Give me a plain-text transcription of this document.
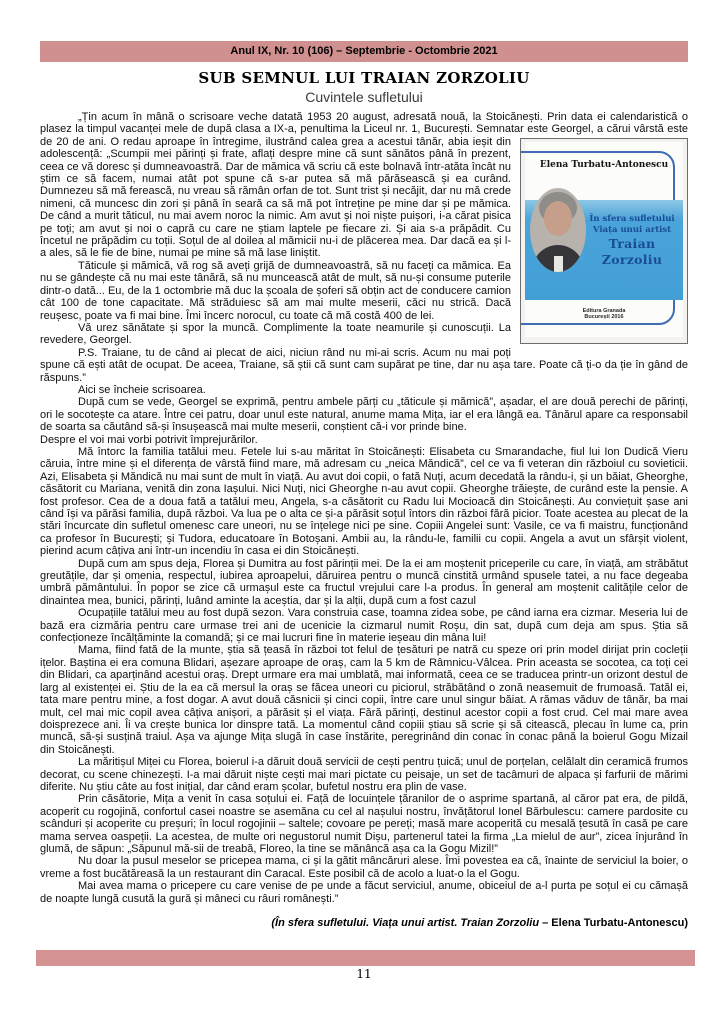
Anul IX, Nr. 10 (106) – Septembrie - Octombrie 2021
SUB SEMNUL LUI TRAIAN ZORZOLIU
Cuvintele sufletului

„Țin acum în mână o scrisoare veche datată 1953 20 august, adresată nouă, la Stoicănești. Prin data ei calendaristică o plasez la timpul vacanței mele de după clasa a IX-a, penultima la Liceul nr. 1, București. Semnatar este Georgel, a cărui vârstă
Elena Turbatu-Antonescu
În sfera sufletului
Viața unui artist
Traian Zorzoliu
Editura Granada
București 2016
este de 20 de ani. O redau aproape în întregime, ilustrând calea grea a acestui tânăr, abia ieșit din adolescență: „Scumpii mei părinți și frate, aflați despre mine că sunt sănătos până în prezent, ceea ce vă doresc și dumneavoastră. Dar de mămica vă scriu că este bolnavă într-atăta încât nu știm ce să facem, numai atât pot spune că s-ar putea să mă părăsească și ea curând. Dumnezeu să mă ferească, nu vreau să rămân orfan de tot. Sunt trist și necăjit, dar nu mă crede nimeni, că muncesc din zori și până în seară ca să mă pot întreține pe mine dar și pe mămica. De când a murit tăticul, nu mai avem noroc la nimic. Am avut și noi niște puișori, i-a cărat pisica pe toți; am avut și noi o capră cu care ne știam laptele pe fiecare zi. Și aia s-a prăpădit. Cu încetul ne prăpădim cu toții. Soțul de al doilea al mămicii nu-i de plăcerea mea. Dar dacă ea și l-a ales, să le fie de bine, numai pe mine să mă lase liniștit.

Tăticule și mămică, vă rog să aveți grijă de dumneavoastră, să nu faceți ca mămica. Ea nu se gândește că nu mai este tânără, să nu muncească atât de mult, să nu-și consume puterile dintr-o dată... Eu, de la 1 octombrie mă duc la școala de șoferi să obțin act de conducere camion cât 100 de tone capacitate. Mă străduiesc să am mai multe meserii, căci nu strică. Dacă reușesc, poate va fi mai bine. Îmi încerc norocul, cu toate că mă costă 400 de lei.

Vă urez sănătate și spor la muncă. Complimente la toate neamurile și cunoscuții. La revedere, Georgel.

P.S. Traiane, tu de când ai plecat de aici, niciun rând nu mi-ai scris. Acum nu mai poți spune că ești atât de ocupat. De aceea, Traiane, să știi că sunt cam supărat pe tine, dar nu așa tare. Poate că ți-o da ție în gând de răspuns.”

Aici se încheie scrisoarea.

După cum se vede, Georgel se exprimă, pentru ambele părți cu „tăticule și mămică”, așadar, el are două perechi de părinți, ori le socotește ca atare. Între cei patru, doar unul este natural, anume mama Mița, iar el era lângă ea. Tânărul apare ca responsabil de soarta sa căutând să-și însușească mai multe meserii, conștient că-i vor prinde bine.

Despre el voi mai vorbi potrivit împrejurărilor.

Mă întorc la familia tatălui meu. Fetele lui s-au măritat în Stoicănești: Elisabeta cu Smarandache, fiul lui Ion Dudică Vieru căruia, între mine și el diferența de vârstă fiind mare, mă adresam cu „neica Măndică”, cel ce va fi veteran din războiul cu sovieticii. Azi, Elisabeta și Măndică nu mai sunt de mult în viață. Au avut doi copii, o fată Nuți, acum decedată la rându-i, și un băiat, Gheorghe, căsătorit cu Mariana, venită din zona Iașului. Nici Nuți, nici Gheorghe n-au avut copii. Gheorghe trăiește, de curând este la pensie. A fost profesor. Cea de a doua fată a tatălui meu, Angela, s-a căsătorit cu Radu lui Mocioacă din Stoicănești. Au conviețuit șase ani când își va părăsi familia, după război. Va lua pe o alta ce și-a părăsit soțul întors din război fără picior. Toate acestea au plecat de la stări încurcate din sufletul omenesc care uneori, nu se înțelege nici pe sine. Copiii Angelei sunt: Vasile, ce va fi maistru, funcționând ca profesor în București; și Tudora, educatoare în Botoșani. Ambii au, la rându-le, familii cu copii. Angela a avut un sfârșit violent, pierind acum câțiva ani într-un incendiu în casa ei din Stoicănești.

După cum am spus deja, Florea și Dumitra au fost părinții mei. De la ei am moștenit priceperile cu care, în viață, am străbătut greutățile, dar și omenia, respectul, iubirea aproapelui, dăruirea pentru o muncă cinstită urmând spusele tatei, a nu face degeaba umbră pământului. În popor se zice că urmașul este ca fructul vrejului care l-a produs. În general am moștenit calitățile celor de dinaintea mea, bunici, părinți, luând aminte la aceștia, dar și la alții, după cum a fost cazul

Ocupațiile tatălui meu au fost după sezon. Vara construia case, toamna zidea sobe, pe când iarna era cizmar. Meseria lui de bază era cizmăria pentru care urmase trei ani de ucenicie la cizmarul numit Roșu, din sat, după cum deja am spus. Știa să confecționeze încălțăminte la comandă; și ce mai lucruri fine în materie ieșeau din mâna lui!

Mama, fiind fată de la munte, știa să țeasă în război tot felul de țesături pe natră cu speze ori prin model dirijat prin cocleții ițelor. Baștina ei era comuna Blidari, așezare aproape de oraș, cam la 5 km de Râmnicu-Vâlcea. Prin aceasta se socotea, ca toți cei din Blidari, ca aparținând acestui oraș. Drept urmare era mai umblată, mai informată, ceea ce se traducea printr-un orizont destul de larg al existenței ei. Știu de la ea că mersul la oraș se făcea uneori cu piciorul, străbătând o zonă neasemuit de frumoasă. Tatăl ei, tata mare pentru mine, a fost dogar. A avut două căsnicii și cinci copii, între care unul singur băiat. A rămas văduv de tânăr, ba mai mult, cel mai mic copil avea câțiva anișori, a părăsit și el viața. Fără părinți, destinul acestor copii a fost crud. Cel mai mare avea doisprezece ani. Îi va crește bunica lor dinspre tată. La momentul când copiii știau să scrie și să citească, plecau în lume ca, prin muncă, să-și susțină traiul. Așa va ajunge Mița slugă în case înstărite, peregrinând din conac în conac până la boierul Gogu Mizail din Stoicănești.

La măritișul Miței cu Florea, boierul i-a dăruit două servicii de cești pentru țuică; unul de porțelan, celălalt din ceramică frumos decorat, cu scene chinezești. I-a mai dăruit niște cești mai mari pictate cu peisaje, un set de tacâmuri de alpaca și farfurii de mărimi diferite. Nu știu câte au fost inițial, dar când eram școlar, bufetul nostru era plin de vase.

Prin căsătorie, Mița a venit în casa soțului ei. Față de locuințele țăranilor de o asprime spartană, al căror pat era, de pildă, acoperit cu rogojină, confortul casei noastre se asemăna cu cel al nașului nostru, învățătorul Ionel Bărbulescu: camere pardosite cu scânduri și acoperite cu preșuri; în locul rogojinii – saltele; covoare pe pereți; masă mare acoperită cu mesală țesută în casă pe care mama servea oaspeții. La acestea, de multe ori negustorul numit Dișu, partenerul tatei la firma „La mielul de aur”, zicea înjurând în glumă, de săpun: „Săpunul mă-sii de treabă, Floreo, la tine se mănâncă așa ca la Gogu Mizil!”

Nu doar la pusul meselor se pricepea mama, ci și la gătit mâncăruri alese. Îmi povestea ea că, înainte de serviciul la boier, o vreme a fost bucătăreasă la un restaurant din Caracal. Este posibil că de acolo a luat-o la el Gogu.

Mai avea mama o pricepere cu care venise de pe unde a făcut serviciul, anume, obiceiul de a-l purta pe soțul ei cu cămașă de noapte lungă cusută la gură și mâneci cu râuri românești.”

(În sfera sufletului. Viața unui artist. Traian Zorzoliu – Elena Turbatu-Antonescu)
11
